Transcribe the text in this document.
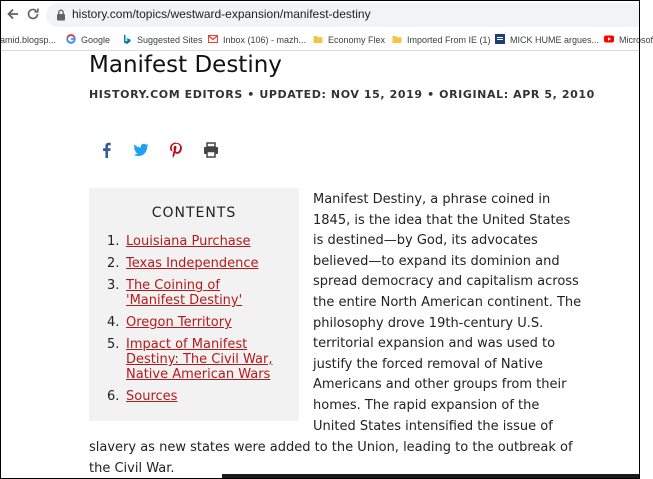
history.com/topics/westward-expansion/manifest-destiny
amid.blogsp...	Google	Suggested Sites	Inbox (106) - mazh...	Economy Flex	Imported From IE (1)	MICK HUME argues...	Microsof
Manifest Destiny
HISTORY.COM EDITORS • UPDATED: NOV 15, 2019 • ORIGINAL: APR 5, 2010
CONTENTS
1. Louisiana Purchase
2. Texas Independence
3. The Coining of 'Manifest Destiny'
4. Oregon Territory
5. Impact of Manifest Destiny: The Civil War, Native American Wars
6. Sources

Manifest Destiny, a phrase coined in 1845, is the idea that the United States is destined—by God, its advocates believed—to expand its dominion and spread democracy and capitalism across the entire North American continent. The philosophy drove 19th-century U.S. territorial expansion and was used to justify the forced removal of Native Americans and other groups from their homes. The rapid expansion of the United States intensified the issue of

slavery as new states were added to the Union, leading to the outbreak of the Civil War.
